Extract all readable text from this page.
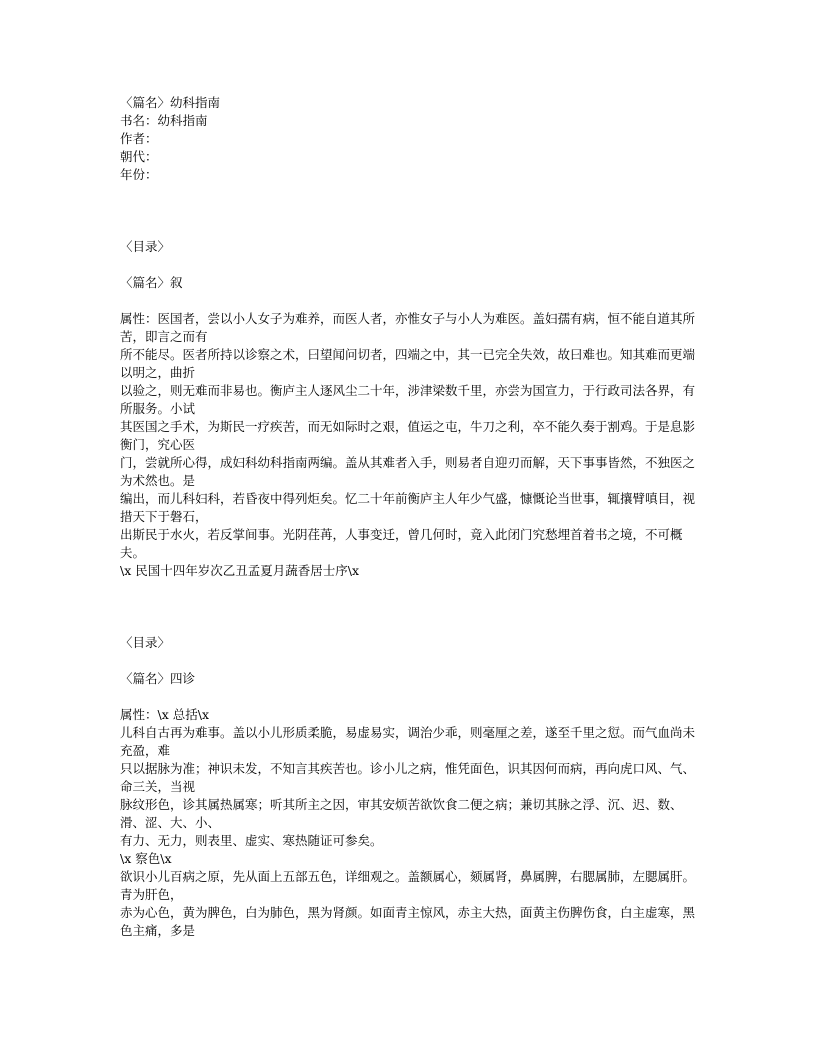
〈篇名〉幼科指南
书名：幼科指南
作者：
朝代：
年份：
〈目录〉
〈篇名〉叙
属性：医国者，尝以小人女子为难养，而医人者，亦惟女子与小人为难医。盖妇孺有病，恒不能自道其所苦，即言之而有
所不能尽。医者所持以诊察之术，曰望闻问切者，四端之中，其一已完全失效，故曰难也。知其难而更端以明之，曲折
以验之，则无难而非易也。衡庐主人逐风尘二十年，涉津梁数千里，亦尝为国宣力，于行政司法各界，有所服务。小试
其医国之手术，为斯民一疗疾苦，而无如际时之艰，值运之屯，牛刀之利，卒不能久奏于割鸡。于是息影衡门，究心医
门，尝就所心得，成妇科幼科指南两编。盖从其难者入手，则易者自迎刃而解，天下事事皆然，不独医之为术然也。是
编出，而儿科妇科，若昏夜中得列炬矣。忆二十年前衡庐主人年少气盛，慷慨论当世事，辄攘臂嗔目，视措天下于磐石，
出斯民于水火，若反掌间事。光阴荏苒，人事变迁，曾几何时，竟入此闭门究愁埋首着书之境，不可概夫。
\x 民国十四年岁次乙丑孟夏月蔬香居士序\x
〈目录〉
〈篇名〉四诊
属性：\x 总括\x
儿科自古再为难事。盖以小儿形质柔脆，易虚易实，调治少乖，则毫厘之差，遂至千里之愆。而气血尚未充盈，难
只以据脉为准；神识未发，不知言其疾苦也。诊小儿之病，惟凭面色，识其因何而病，再向虎口风、气、命三关，当视
脉纹形色，诊其属热属寒；听其所主之因，审其安烦苦欲饮食二便之病；兼切其脉之浮、沉、迟、数、滑、涩、大、小、
有力、无力，则表里、虚实、寒热随证可参矣。
\x 察色\x
欲识小儿百病之原，先从面上五部五色，详细观之。盖额属心，颏属肾，鼻属脾，右腮属肺，左腮属肝。青为肝色，
赤为心色，黄为脾色，白为肺色，黑为肾颜。如面青主惊风，赤主大热，面黄主伤脾伤食，白主虚寒，黑色主痛，多是
